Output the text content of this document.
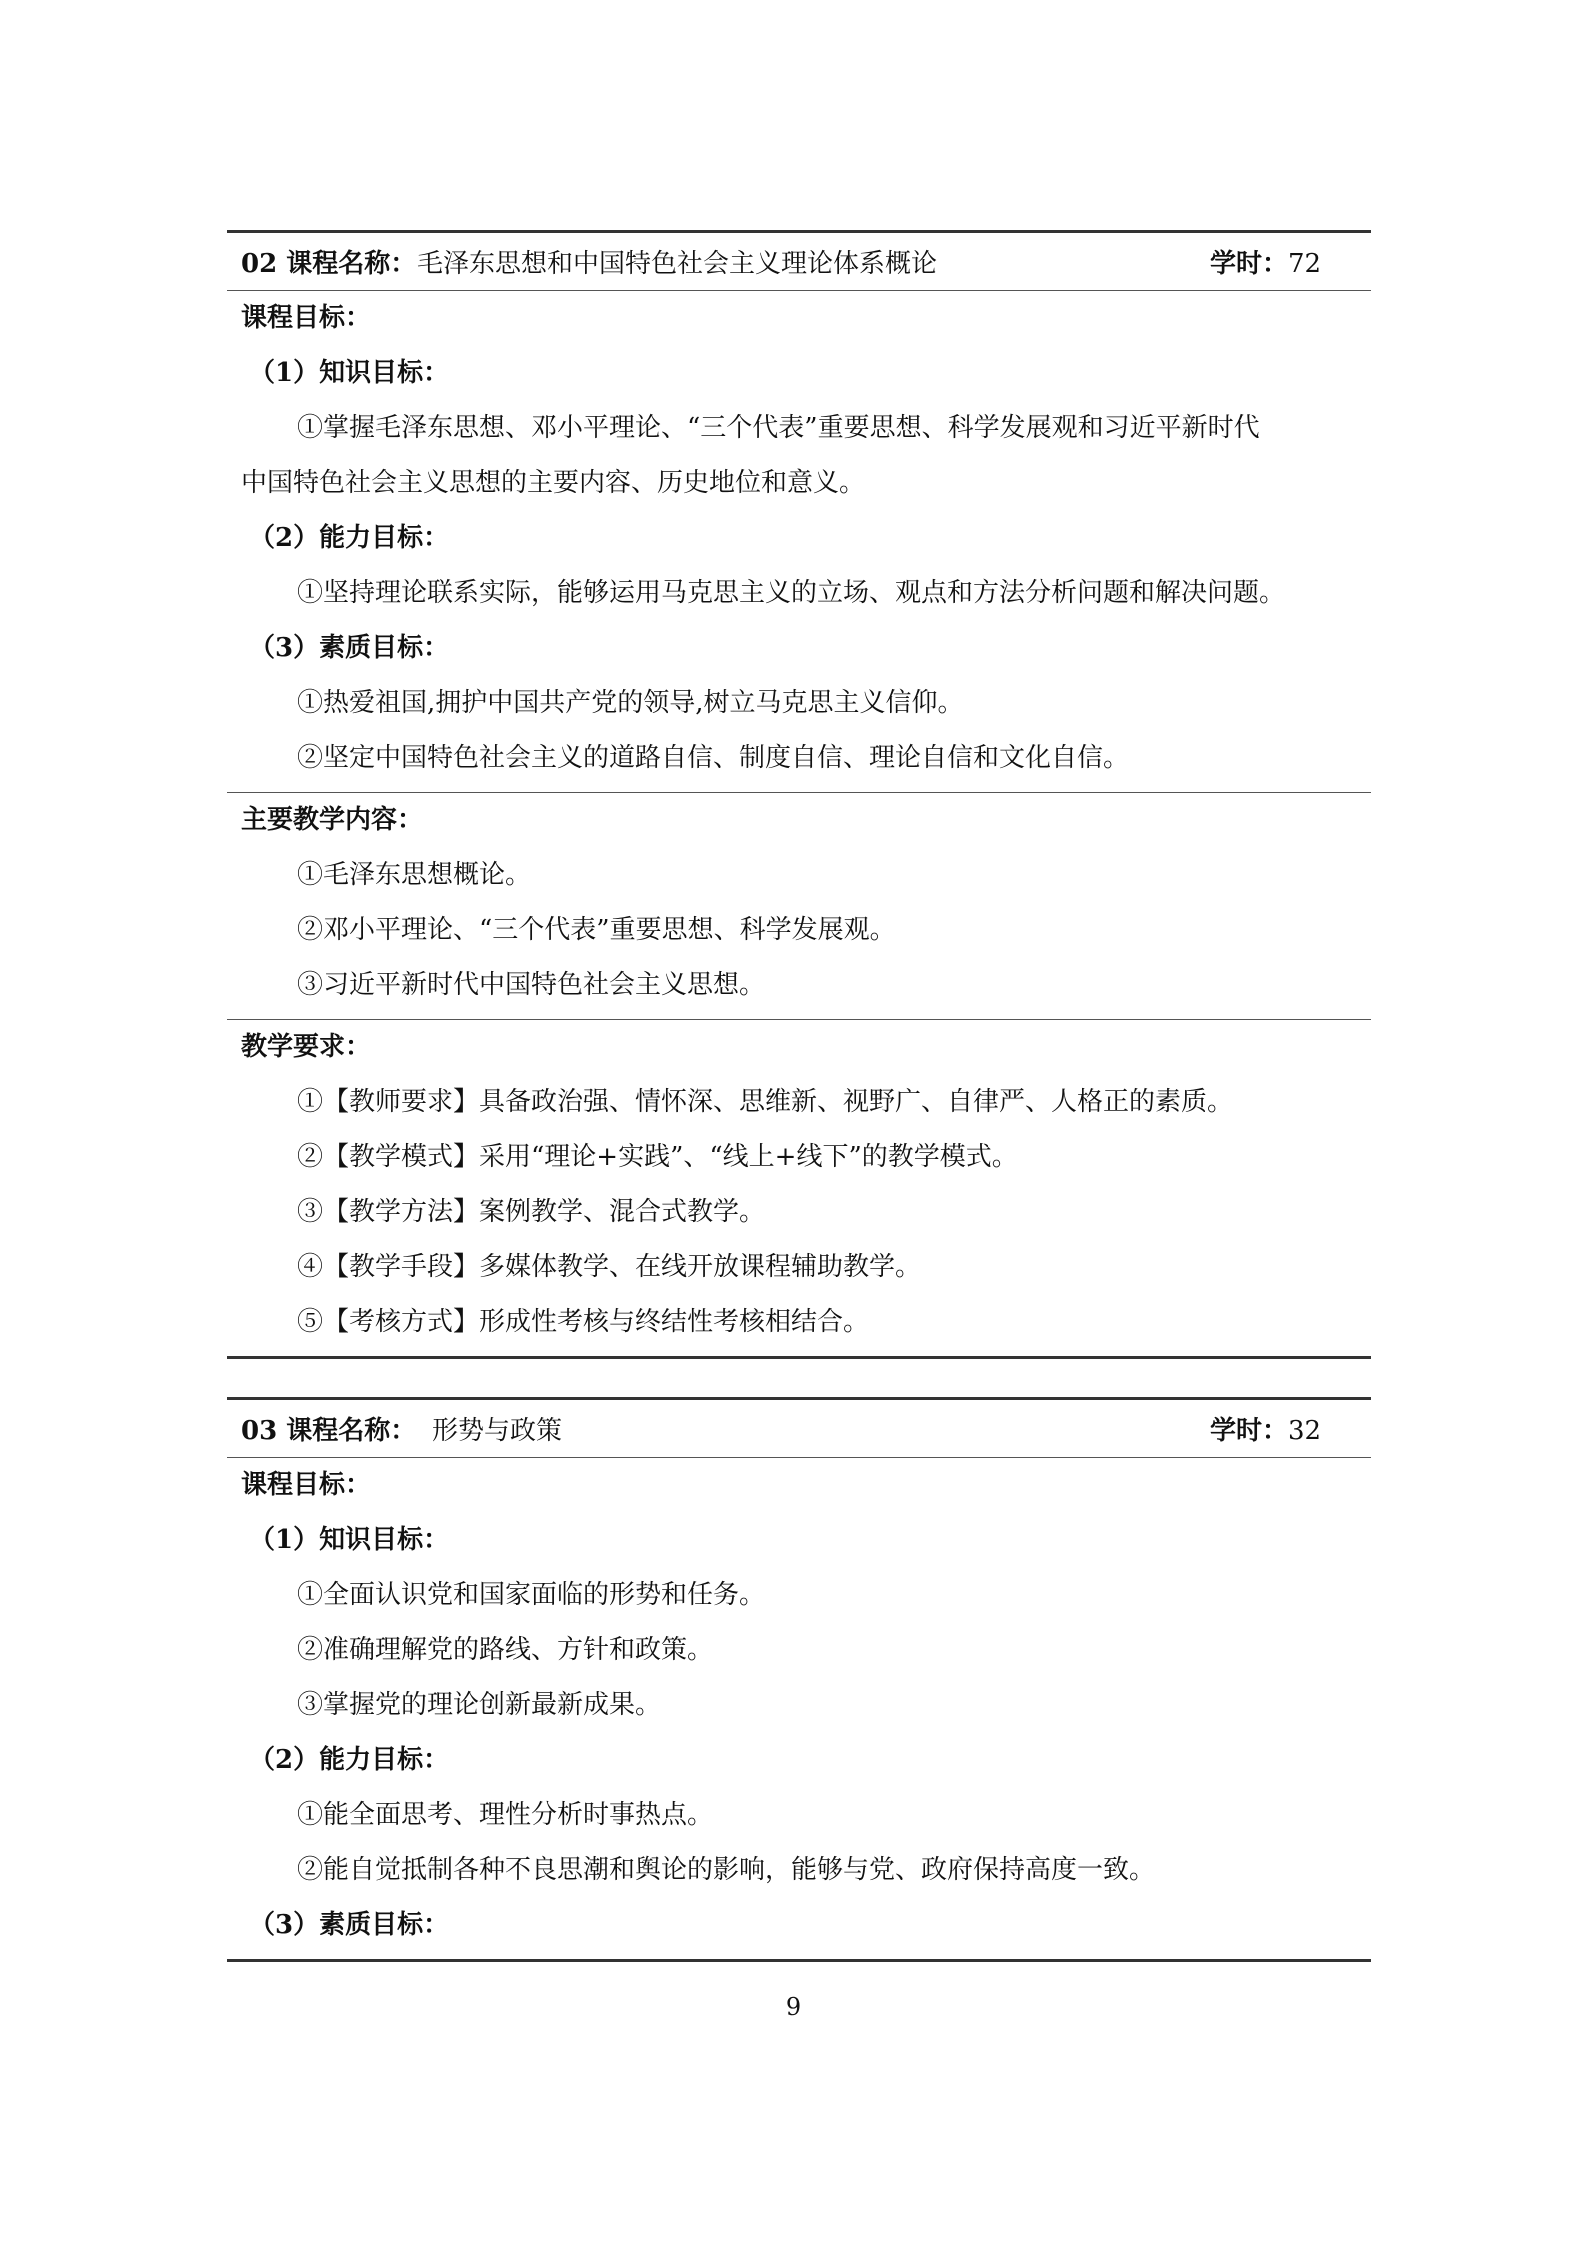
02 课程名称： 毛泽东思想和中国特色社会主义理论体系概论	学时：72
课程目标：
（1）知识目标：
①掌握毛泽东思想、邓小平理论、“三个代表”重要思想、科学发展观和习近平新时代
中国特色社会主义思想的主要内容、历史地位和意义。
（2）能力目标：
①坚持理论联系实际，能够运用马克思主义的立场、观点和方法分析问题和解决问题。
（3）素质目标：
①热爱祖国,拥护中国共产党的领导,树立马克思主义信仰。
②坚定中国特色社会主义的道路自信、制度自信、理论自信和文化自信。
主要教学内容：
①毛泽东思想概论。
②邓小平理论、“三个代表”重要思想、科学发展观。
③习近平新时代中国特色社会主义思想。
教学要求：
①【教师要求】具备政治强、情怀深、思维新、视野广、自律严、人格正的素质。
②【教学模式】采用“理论+实践”、“线上+线下”的教学模式。
③【教学方法】案例教学、混合式教学。
④【教学手段】多媒体教学、在线开放课程辅助教学。
⑤【考核方式】形成性考核与终结性考核相结合。
03 课程名称： 形势与政策	学时：32
课程目标：
（1）知识目标：
①全面认识党和国家面临的形势和任务。
②准确理解党的路线、方针和政策。
③掌握党的理论创新最新成果。
（2）能力目标：
①能全面思考、理性分析时事热点。
②能自觉抵制各种不良思潮和舆论的影响，能够与党、政府保持高度一致。
（3）素质目标：
9
